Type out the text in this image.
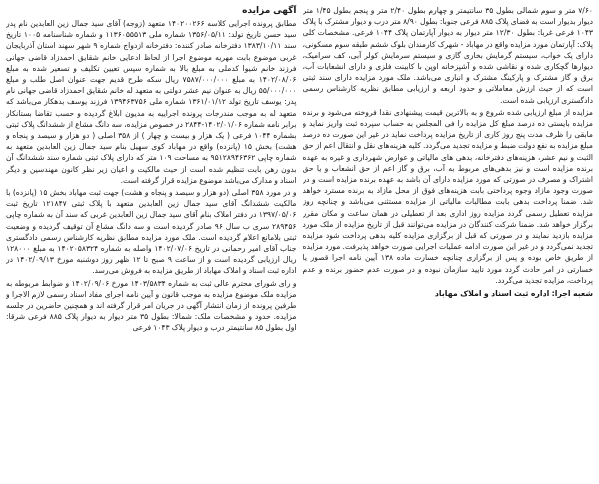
آگهی مزایده

مطابق پرونده اجرایی کلاسه ۱۴۰۲۰۰۲۶۶ متعهد (زوجه) آقای سید جمال زین العابدین نام پدر سید حسن تاریخ تولد: ۱۳۵۶/۰۵/۱۱ شماره ملی ۱۱۳۶۰۵۵۵۱۳ و شماره شناسنامه ۱۰۰۵ تاریخ سند ۱۳۸۳/۱۰/۱۱ دفترخانه صادر کننده: دفترخانه ازدواج شماره ۹ شهر سهند استان آذربایجان غربی موضوع بابت مهریه موضوع اجرا از لحاظ ادعایی خانم شقایق احمدزاد قاضی جهانی فرزند خانم شیوا کدملی به مبلغ بالا به شماره سپس تعیین تکلیف و تسعیر شده به مبلغ ۱۴۰۲/۰۸/۰۶ به مبلغ ۷۵۸۷/۰۰۰/۰۰۰ ریال سکه طرح قدیم جهت عنوان اصل طلب و مبلغ ۵۵/۰۰۰/۰۰۰ ریال به عنوان نیم عشر دولتی به متعهد له خانم شقایق احمدزاد قاضی جهانی نام پدر: یوسف تاریخ تولد ۱۳۶۱/۰۱/۱۲ شماره ملی ۱۳۹۴۶۳۷۵۶ فرزند یوسف بدهکار می‌باشد که متعهد له به موجب مندرجات پرونده اجراییه به مدیون ابلاغ گردیده و حسب تقاضا بستانکار برابر نامه شماره ۱۴۰۲/۰۱/۰۶-۲۸۴۴ در خصوص مزایده، سه دانگ مشاع از ششدانگ پلاک ثبتی بشماره ۱۰۴۴ فرعی ( یک هزار و بیست و چهار ) از ۳۵۸ اصلی ( دو هزار و سیصد و پنجاه و هشت) بخش ۱۵ (پانزده) واقع در مهاباد کوی سهیل بنام سید جمال زین العابدین متعهد به شماره چاپی ۹۵۱۲۸۹۴۶۳۶۲ به مساحت ۱۰۹ متر که دارای پلاک ثبتی شماره سند ششدانگ آن بدون رهن بابت تنظیم شده است از حیث مالکیت و اعیان زیر نظر کانون مهندسین و دیگر اسناد و مدارک می‌باشد موضوع مزایده قرار گرفته است.

و در مورد ۳۵۸ اصلی (دو هزار و سیصد و پنجاه و هشت) جهت ثبت مهاباد بخش ۱۵ (پانزده) با مالکیت ششدانگ آقای سید جمال زین العابدین متعهد با پلاک ثبتی ۱۲۱۸۴۷ تاریخ ثبت ۱۳۹۷/۰۵/۰۶ در دفتر املاک بنام آقای سید جمال زین العابدین غربی که سند آن به شماره چاپی ۲۸۹۴۵۶ سری ب سال ۹۶ صادر گردیده است و سه دانگ مشاع آن توقیف گردیده و وضعیت ثبتی بلامانع اعلام گردیده است. ملک مورد مزایده مطابق نظریه کارشناس رسمی دادگستری جناب آقای امیر رحمانی در تاریخ ۱۴۰۲/۰۷/۰۶ واصله به شماره ۱۴۰۲۰۵۸۳۲۴ به مبلغ ۱۲۸۰۰۰ ریال ارزیابی گردیده است و از ساعت ۹ صبح تا ۱۲ ظهر روز دوشنبه مورخ ۱۴۰۲/۰۹/۱۳ در اداره ثبت اسناد و املاک مهاباد از طریق مزایده به فروش می‌رسد.

و رای شورای محترم عالی ثبت به شماره ۱۴۰۳/۵۸۳۴ مورخ ۱۴۰۲/۰۹/۰۶ و ضوابط مربوطه به مزایده ملک موضوع مزایده به موجب قانون و آیین نامه اجرای مفاد اسناد رسمی لازم الاجرا و طرفین پرونده از زمان انتشار آگهی در جریان امر قرار گرفته اند و همچنین حاضرین در جلسه مزایده. حدود و مشخصات ملک: شمالا: بطول ۳۵ متر دیوار به دیوار پلاک ۸۸۵ فرعی شرقا: اول بطول ۸۵ سانتیمتر درب و دیوار پلاک ۱۰۴۳ فرعی

۷/۶۰ متر و سوم شمالی بطول ۳۵ سانتیمتر و چهارم بطول ۲/۴۰ متر و پنجم بطول ۱/۴۵ متر دیوار بدیوار است به فضای پلاک ۸۸۵ فرعی جنوبا: بطول ۸/۹۰ متر درب و دیوار مشترک با پلاک ۱۰۴۳ فرعی غربا: بطول ۱۲/۳۰ متر دیوار به دیوار آپارتمان پلاک ۱۰۴۴ فرعی. مشخصات کلی پلاک: آپارتمان مورد مزایده واقع در مهاباد - شهرک کارمندان بلوک ششم طبقه سوم مسکونی، دارای یک خواب، سیستم گرمایش بخاری گازی و سیستم سرمایش کولر آبی، کف سرامیک، دیوارها گچکاری شده و نقاشی شده و آشپزخانه اوپن با کابینت فلزی و دارای انشعابات آب، برق و گاز مشترک و پارکینگ مشترک و انباری می‌باشد. ملک مورد مزایده دارای سند ثبتی است که از حیث ارزش معاملاتی و حدود اربعه و ارزیابی مطابق نظریه کارشناس رسمی دادگستری ارزیابی شده است.

مزایده از مبلغ ارزیابی شده شروع و به بالاترین قیمت پیشنهادی نقدا فروخته می‌شود و برنده مزایده بایستی ده درصد مبلغ کل مزایده را فی المجلس به حساب سپرده ثبت واریز نماید و مابقی را ظرف مدت پنج روز کاری از تاریخ مزایده پرداخت نماید در غیر این صورت ده درصد مبلغ مزایده به نفع دولت ضبط و مزایده تجدید می‌گردد. کلیه هزینه‌های نقل و انتقال اعم از حق الثبت و نیم عشر، هزینه‌های دفترخانه، بدهی های مالیاتی و عوارض شهرداری و غیره به عهده برنده مزایده است و نیز بدهی‌های مربوط به آب، برق و گاز اعم از حق انشعاب و یا حق اشتراک و مصرف در صورتی که مورد مزایده دارای آن باشد به عهده برنده مزایده است و در صورت وجود مازاد وجوه پرداختی بابت هزینه‌های فوق از محل مازاد به برنده مسترد خواهد شد. ضمنا پرداخت بدهی بابت مطالبات مالیاتی از مزایده مستثنی می‌باشد و چنانچه روز مزایده تعطیل رسمی گردد مزایده روز اداری بعد از تعطیلی در همان ساعت و مکان مقرر برگزار خواهد شد. ضمنا شرکت کنندگان در مزایده می‌توانند قبل از تاریخ مزایده از ملک مورد مزایده بازدید نمایند و در صورتی که قبل از برگزاری مزایده کلیه بدهی پرداخت شود مزایده تجدید نمی‌گردد و در غیر این صورت ادامه عملیات اجرایی صورت خواهد پذیرفت. مورد مزایده از طریق خاص بوده و پس از برگزاری چنانچه خسارت ماده ۱۳۸ آیین نامه اجرا قصور یا خسارتی در امر حادث گردد مورد تایید سازمان نبوده و در صورت عدم حضور برنده و عدم پرداخت، مزایده تجدید می‌گردد.

شعبه اجرا: اداره ثبت اسناد و املاک مهاباد
